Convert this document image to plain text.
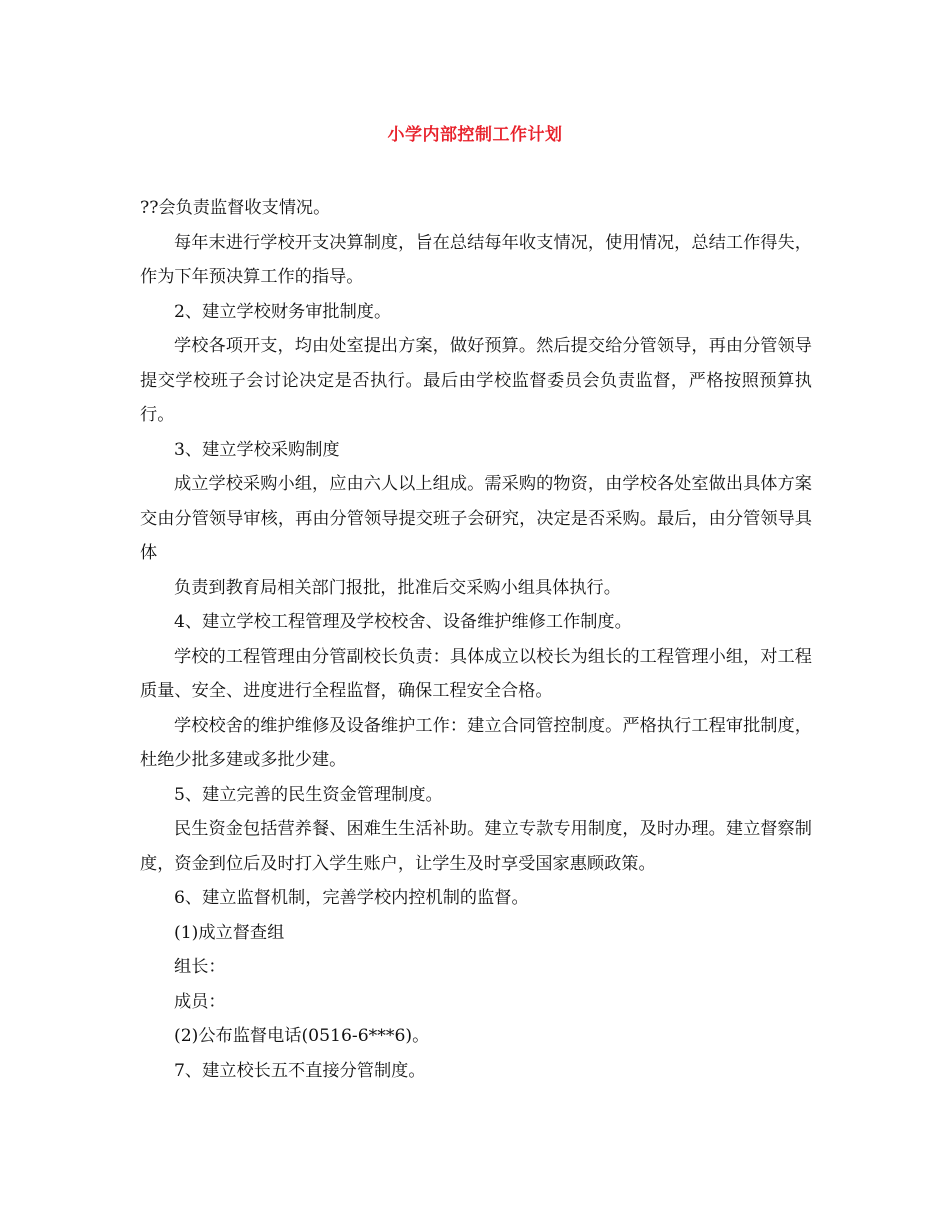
小学内部控制工作计划

??会负责监督收支情况。

每年末进行学校开支决算制度，旨在总结每年收支情况，使用情况，总结工作得失，作为下年预决算工作的指导。

2、建立学校财务审批制度。

学校各项开支，均由处室提出方案，做好预算。然后提交给分管领导，再由分管领导提交学校班子会讨论决定是否执行。最后由学校监督委员会负责监督，严格按照预算执行。

3、建立学校采购制度

成立学校采购小组，应由六人以上组成。需采购的物资，由学校各处室做出具体方案交由分管领导审核，再由分管领导提交班子会研究，决定是否采购。最后，由分管领导具体

负责到教育局相关部门报批，批准后交采购小组具体执行。

4、建立学校工程管理及学校校舍、设备维护维修工作制度。

学校的工程管理由分管副校长负责：具体成立以校长为组长的工程管理小组，对工程质量、安全、进度进行全程监督，确保工程安全合格。

学校校舍的维护维修及设备维护工作：建立合同管控制度。严格执行工程审批制度，杜绝少批多建或多批少建。

5、建立完善的民生资金管理制度。

民生资金包括营养餐、困难生生活补助。建立专款专用制度，及时办理。建立督察制度，资金到位后及时打入学生账户，让学生及时享受国家惠顾政策。

6、建立监督机制，完善学校内控机制的监督。

(1)成立督查组

组长：

成员：

(2)公布监督电话(0516-6***6)。

7、建立校长五不直接分管制度。
